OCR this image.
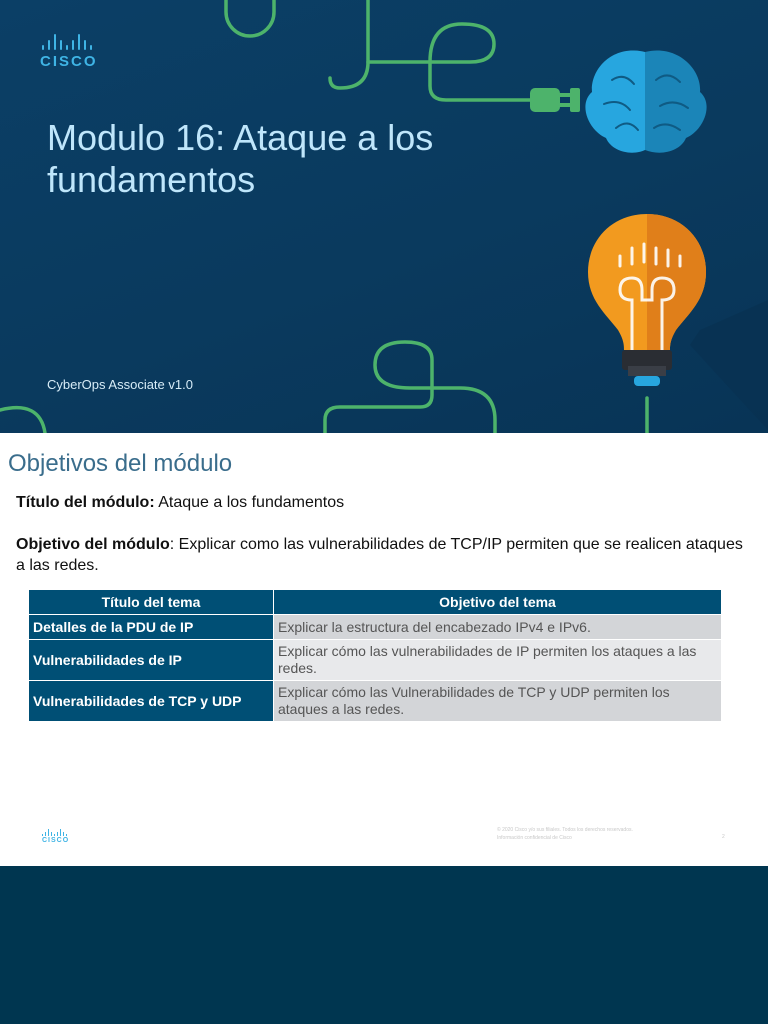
CISCO
Modulo 16: Ataque a los fundamentos
CyberOps Associate v1.0
Objetivos del módulo

Título del módulo: Ataque a los fundamentos

Objetivo del módulo: Explicar como las vulnerabilidades de TCP/IP permiten que se realicen ataques a las redes.

Título del tema	Objetivo del tema
Detalles de la PDU de IP	Explicar la estructura del encabezado IPv4 e IPv6.
Vulnerabilidades de IP	Explicar cómo las vulnerabilidades de IP permiten los ataques a las redes.
Vulnerabilidades de TCP y UDP	Explicar cómo las Vulnerabilidades de TCP y UDP permiten los ataques a las redes.
CISCO
© 2020 Cisco y/o sus filiales. Todos los derechos reservados.
Información confidencial de Cisco	2
